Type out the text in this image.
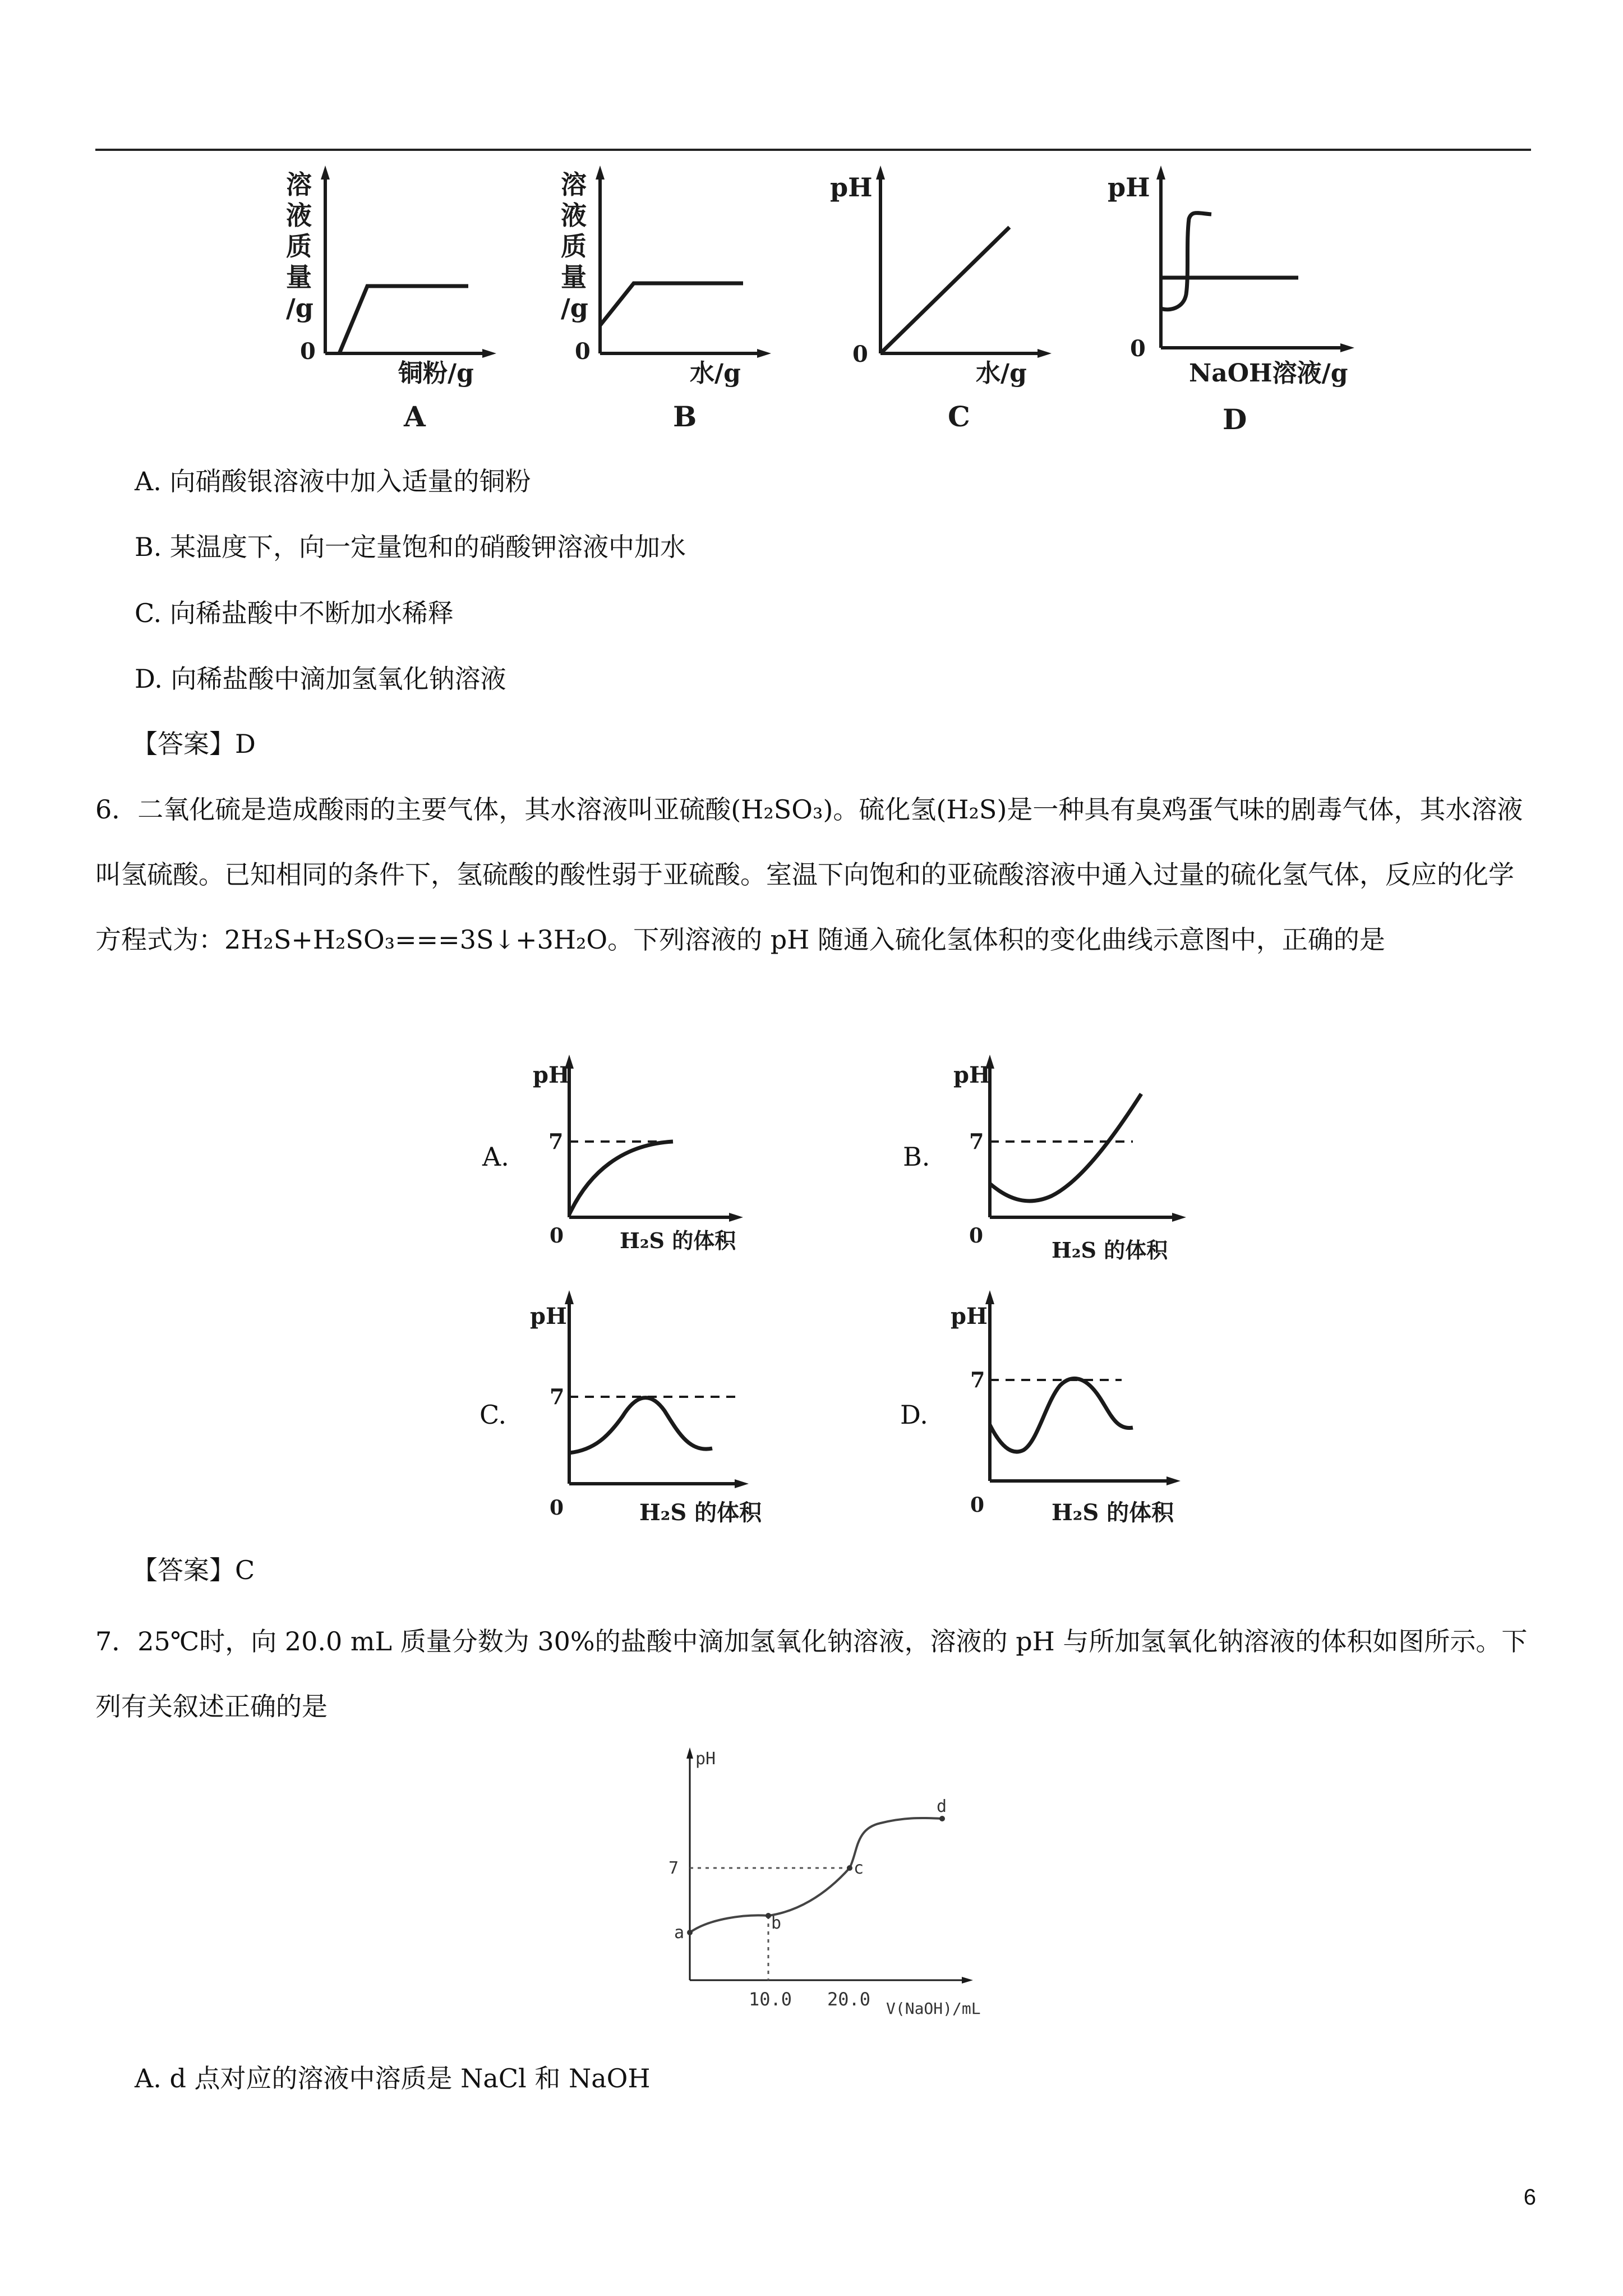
溶
液
质
量
/g
0
铜粉/g
A
溶
液
质
量
/g
0
水/g
B
pH
0
水/g
C
pH
0
NaOH溶液/g
D
A. 向硝酸银溶液中加入适量的铜粉
B. 某温度下，向一定量饱和的硝酸钾溶液中加水
C. 向稀盐酸中不断加水稀释
D. 向稀盐酸中滴加氢氧化钠溶液
【答案】D
6．二氧化硫是造成酸雨的主要气体，其水溶液叫亚硫酸(H₂SO₃)。硫化氢(H₂S)是一种具有臭鸡蛋气味的剧毒气体，其水溶液叫氢硫酸。已知相同的条件下，氢硫酸的酸性弱于亚硫酸。室温下向饱和的亚硫酸溶液中通入过量的硫化氢气体，反应的化学方程式为：2H₂S+H₂SO₃===3S↓+3H₂O。下列溶液的 pH 随通入硫化氢体积的变化曲线示意图中，正确的是
A.
pH
7
0	H₂S 的体积
B.
pH
7
0
H₂S 的体积
C.
pH
7
0	H₂S 的体积
D.
pH
7
0	H₂S 的体积
【答案】C
7．25℃时，向 20.0 mL 质量分数为 30%的盐酸中滴加氢氧化钠溶液，溶液的 pH 与所加氢氧化钠溶液的体积如图所示。下列有关叙述正确的是
pH
7
a	b
c
d
10.0 20.0 V(NaOH)/mL
A. d 点对应的溶液中溶质是 NaCl 和 NaOH
6
